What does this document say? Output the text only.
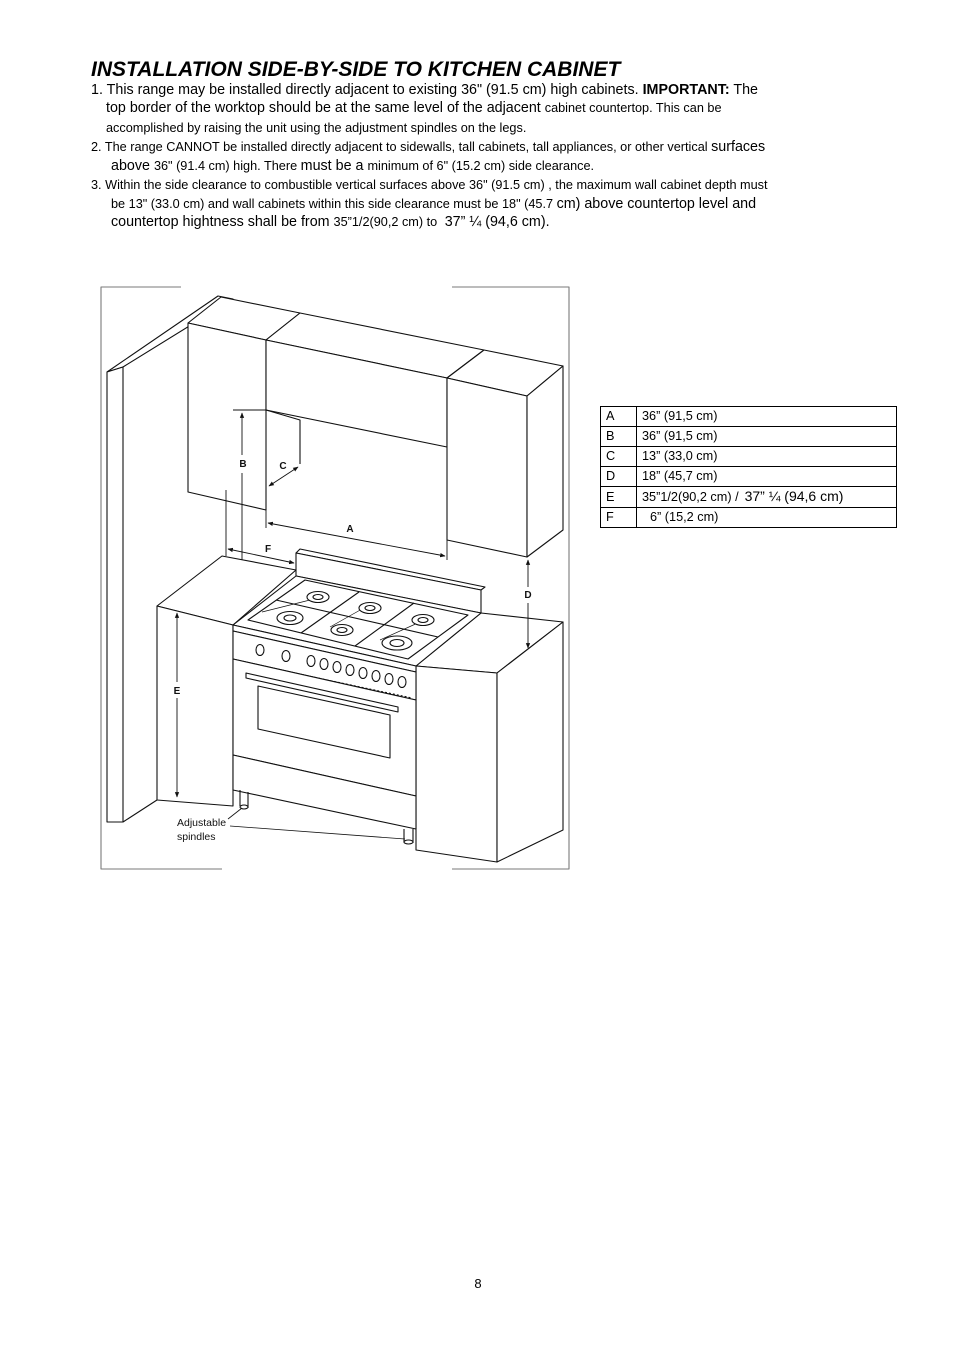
INSTALLATION SIDE-BY-SIDE TO KITCHEN CABINET
1. This range may be installed directly adjacent to existing 36" (91.5 cm) high cabinets. IMPORTANT: The
top border of the worktop should be at the same level of the adjacent cabinet countertop. This can be
accomplished by raising the unit using the adjustment spindles on the legs.
2. The range CANNOT be installed directly adjacent to sidewalls, tall cabinets, tall appliances, or other vertical surfaces
above 36" (91.4 cm) high. There must be a minimum of 6" (15.2 cm) side clearance.
3. Within the side clearance to combustible vertical surfaces above 36" (91.5 cm) , the maximum wall cabinet depth must
be 13" (33.0 cm) and wall cabinets within this side clearance must be 18" (45.7 cm) above countertop level and
countertop hightness shall be from 35”1/2(90,2 cm) to  37” ¼ (94,6 cm).
B	C
A
F
D
E
Adjustable
spindles
A	36” (91,5 cm)
B	36” (91,5 cm)
C	13” (33,0 cm)
D	18” (45,7 cm)
E	35”1/2(90,2 cm) / 37” ¼ (94,6 cm)
F	6” (15,2 cm)
8
